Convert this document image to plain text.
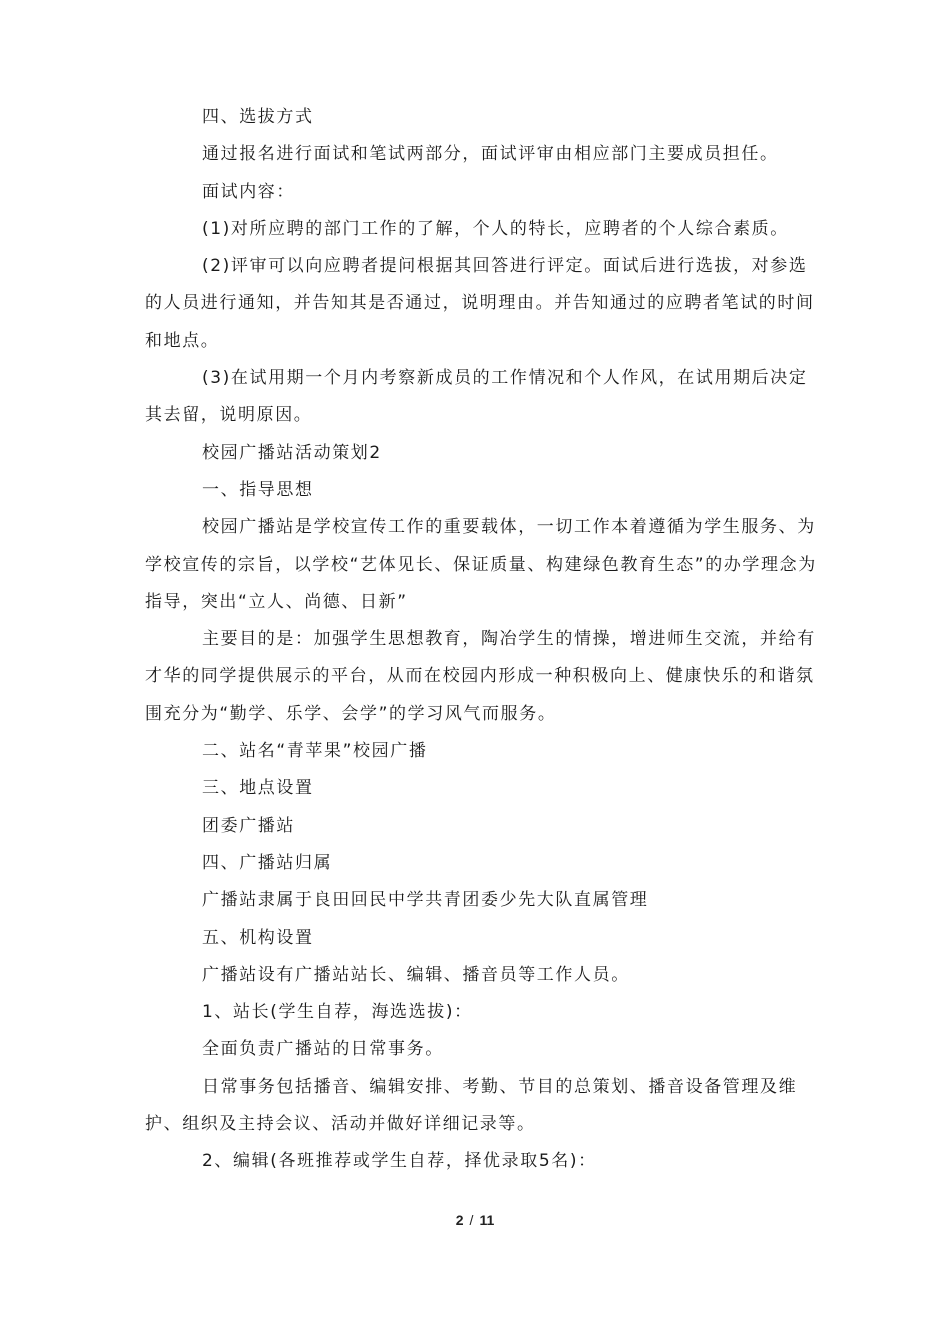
四、选拔方式

通过报名进行面试和笔试两部分，面试评审由相应部门主要成员担任。

面试内容：

(1)对所应聘的部门工作的了解，个人的特长，应聘者的个人综合素质。

(2)评审可以向应聘者提问根据其回答进行评定。面试后进行选拔，对参选的人员进行通知，并告知其是否通过，说明理由。并告知通过的应聘者笔试的时间和地点。

(3)在试用期一个月内考察新成员的工作情况和个人作风，在试用期后决定其去留，说明原因。

校园广播站活动策划2

一、指导思想

校园广播站是学校宣传工作的重要载体，一切工作本着遵循为学生服务、为学校宣传的宗旨，以学校“艺体见长、保证质量、构建绿色教育生态”的办学理念为指导，突出“立人、尚德、日新”

主要目的是：加强学生思想教育，陶冶学生的情操，增进师生交流，并给有才华的同学提供展示的平台，从而在校园内形成一种积极向上、健康快乐的和谐氛围充分为“勤学、乐学、会学”的学习风气而服务。

二、站名“青苹果”校园广播

三、地点设置

团委广播站

四、广播站归属

广播站隶属于良田回民中学共青团委少先大队直属管理

五、机构设置

广播站设有广播站站长、编辑、播音员等工作人员。

1、站长(学生自荐，海选选拔)：

全面负责广播站的日常事务。

日常事务包括播音、编辑安排、考勤、节目的总策划、播音设备管理及维护、组织及主持会议、活动并做好详细记录等。

2、编辑(各班推荐或学生自荐，择优录取5名)：

2 / 11
